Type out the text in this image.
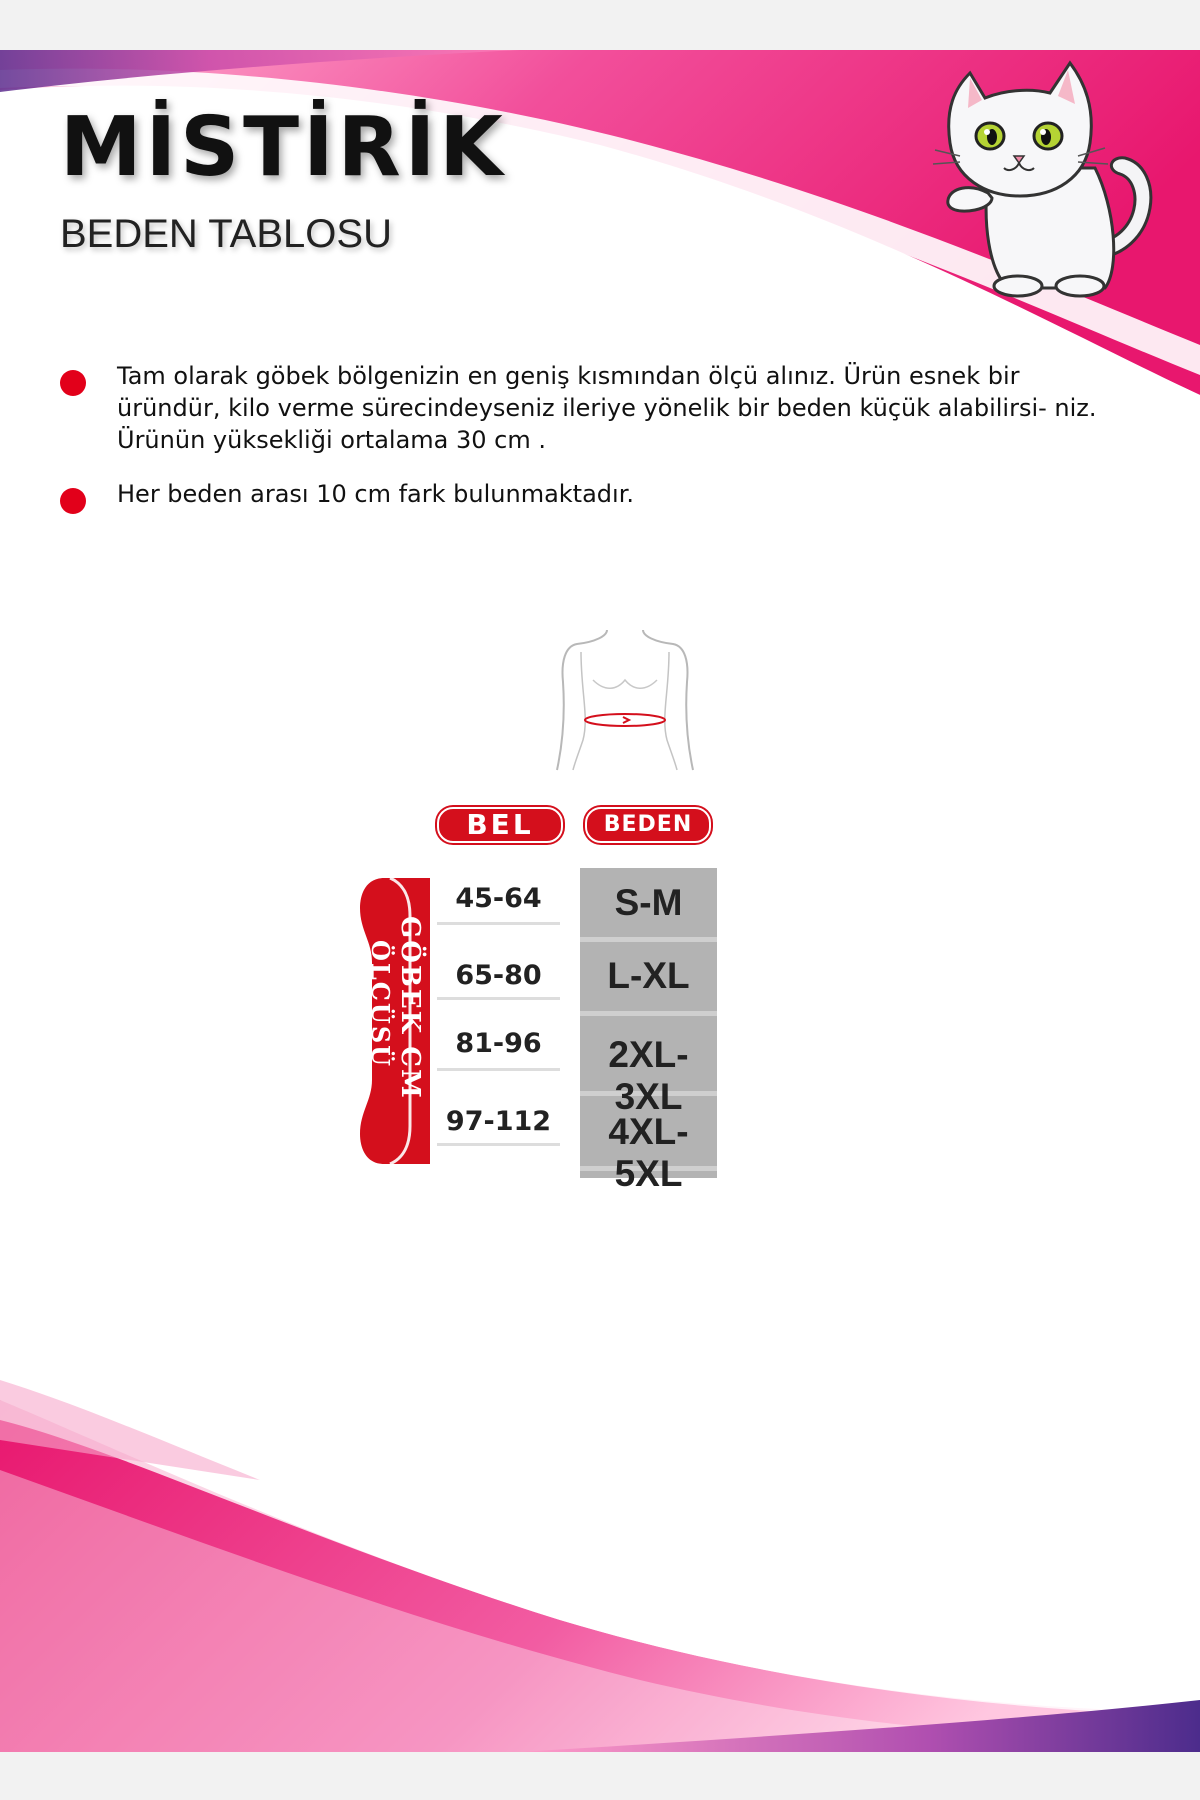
MİSTİRİK
BEDEN TABLOSU
Tam olarak göbek bölgenizin en geniş kısmından ölçü alınız. Ürün esnek bir üründür, kilo verme sürecindeyseniz ileriye yönelik bir beden küçük alabilirsi- niz. Ürünün yüksekliği ortalama 30 cm .
Her beden arası 10 cm fark bulunmaktadır.
BEL	BEDEN
GÖBEK CM
ÖLÇÜSÜ
45-64
65-80
81-96
97-112
S-M
L-XL
2XL-3XL
4XL-5XL
